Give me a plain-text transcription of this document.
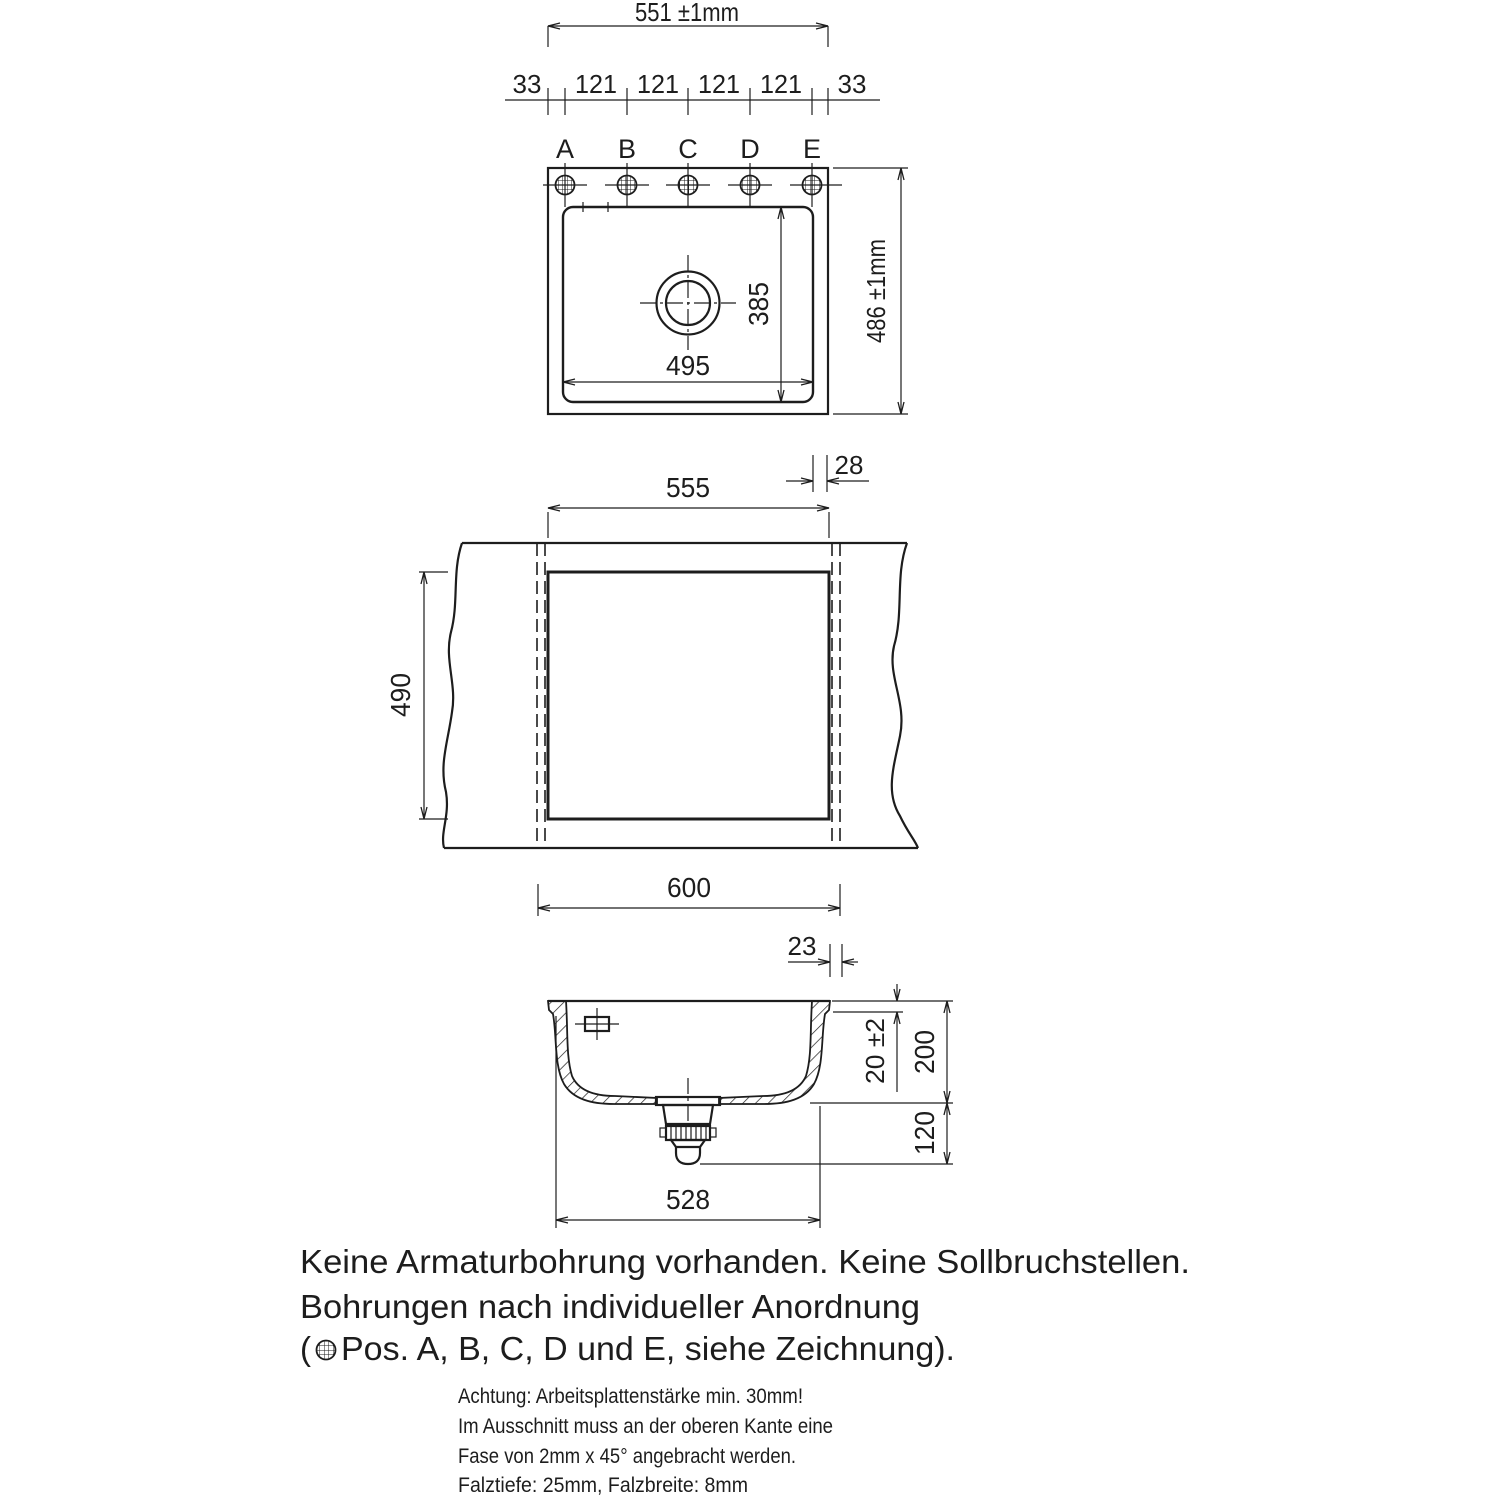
551 ±1mm
33 121 121 121 121 33
A B C D E
385
495
486 ±1mm
28
555
490
600
23
20 ±2 200
120
528
Keine Armaturbohrung vorhanden. Keine Sollbruchstellen.
Bohrungen nach individueller Anordnung
( Pos. A, B, C, D und E, siehe Zeichnung).
Achtung: Arbeitsplattenstärke min. 30mm!
Im Ausschnitt muss an der oberen Kante eine
Fase von 2mm x 45° angebracht werden.
Falztiefe: 25mm, Falzbreite: 8mm
